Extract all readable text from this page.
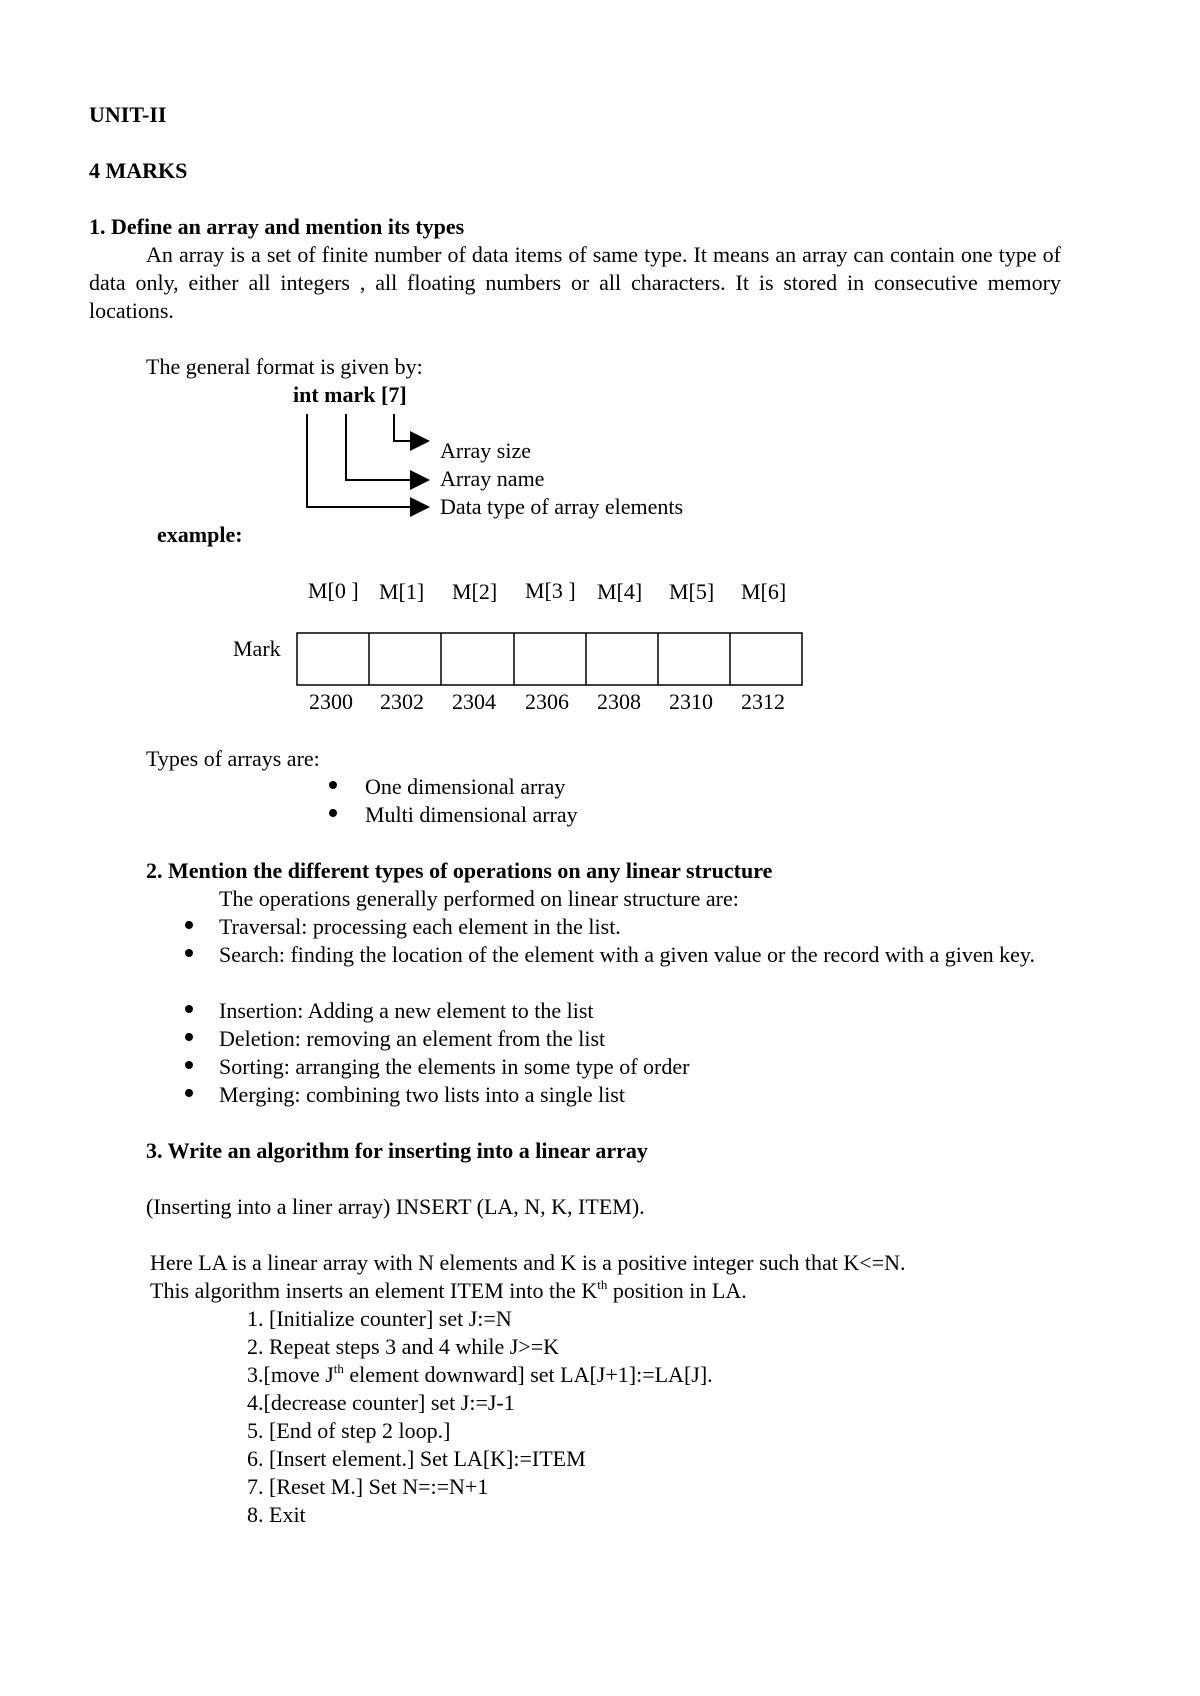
UNIT-II
4 MARKS
1. Define an array and mention its types
An array is a set of finite number of data items of same type. It means an array can contain one type of data only, either all integers , all floating numbers or all characters. It is stored in consecutive memory locations.
The general format is given by:
int mark [7]
Array size
Array name
Data type of array elements
example:
M[0 ] M[1] M[2] M[3 ] M[4] M[5] M[6]
Mark
2300 2302 2304 2306 2308 2310 2312
Types of arrays are:
One dimensional array
Multi dimensional array
2. Mention the different types of operations on any linear structure
The operations generally performed on linear structure are:
Traversal: processing each element in the list.
Search: finding the location of the element with a given value or the record with a given key.
Insertion: Adding a new element to the list
Deletion: removing an element from the list
Sorting: arranging the elements in some type of order
Merging: combining two lists into a single list
3. Write an algorithm for inserting into a linear array
(Inserting into a liner array) INSERT (LA, N, K, ITEM).
Here LA is a linear array with N elements and K is a positive integer such that K<=N.
This algorithm inserts an element ITEM into the $K^{th}$ position in LA.
1. [Initialize counter] set J:=N
2. Repeat steps 3 and 4 while J>=K
3.[move $J^{th}$ element downward] set LA[J+1]:=LA[J].
4.[decrease counter] set J:=J-1
5. [End of step 2 loop.]
6. [Insert element.] Set LA[K]:=ITEM
7. [Reset M.] Set N=:=N+1
8. Exit
